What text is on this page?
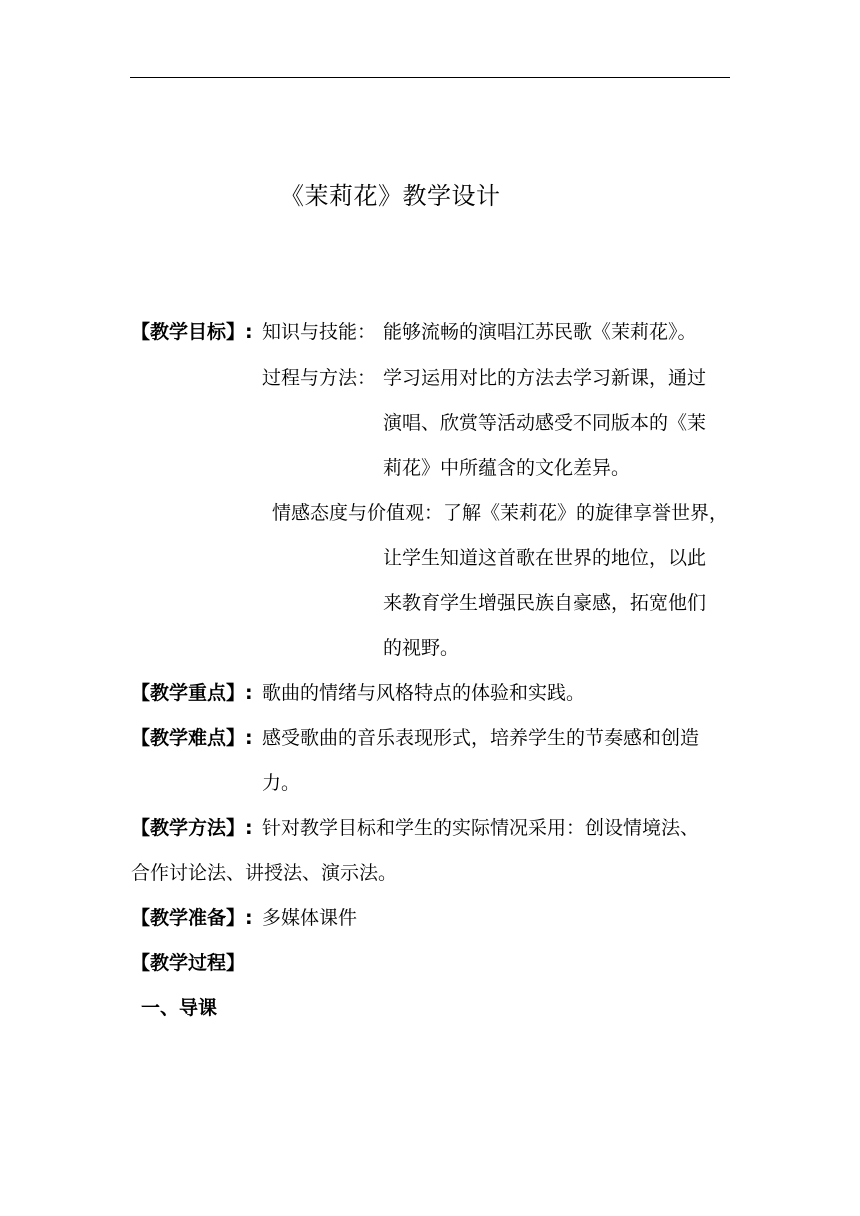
《茉莉花》教学设计
【教学目标】: 知识与技能： 能够流畅的演唱江苏民歌《茉莉花》。
过程与方法： 学习运用对比的方法去学习新课，通过
演唱、欣赏等活动感受不同版本的《茉
莉花》中所蕴含的文化差异。
情感态度与价值观： 了解《茉莉花》的旋律享誉世界，
让学生知道这首歌在世界的地位，以此
来教育学生增强民族自豪感，拓宽他们
的视野。
【教学重点】: 歌曲的情绪与风格特点的体验和实践。
【教学难点】: 感受歌曲的音乐表现形式，培养学生的节奏感和创造
力。
【教学方法】: 针对教学目标和学生的实际情况采用：创设情境法、
合作讨论法、讲授法、演示法。
【教学准备】: 多媒体课件
【教学过程】
一、导课
